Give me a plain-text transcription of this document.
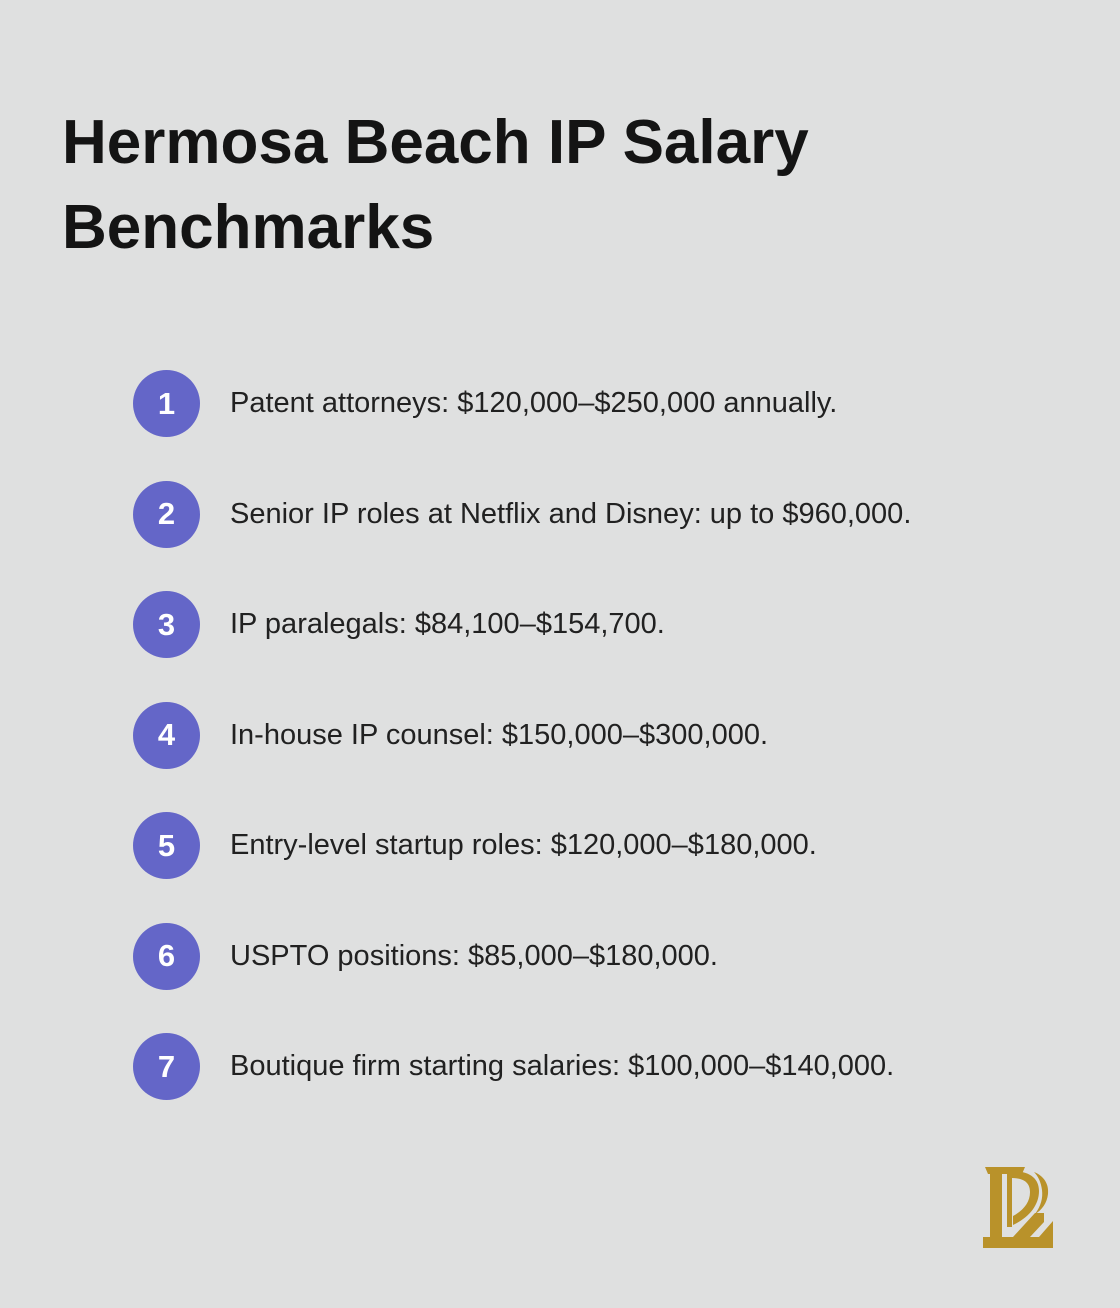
Hermosa Beach IP Salary
Benchmarks
1 Patent attorneys: $120,000–$250,000 annually.
2 Senior IP roles at Netflix and Disney: up to $960,000.
3 IP paralegals: $84,100–$154,700.
4 In-house IP counsel: $150,000–$300,000.
5 Entry-level startup roles: $120,000–$180,000.
6 USPTO positions: $85,000–$180,000.
7 Boutique firm starting salaries: $100,000–$140,000.
